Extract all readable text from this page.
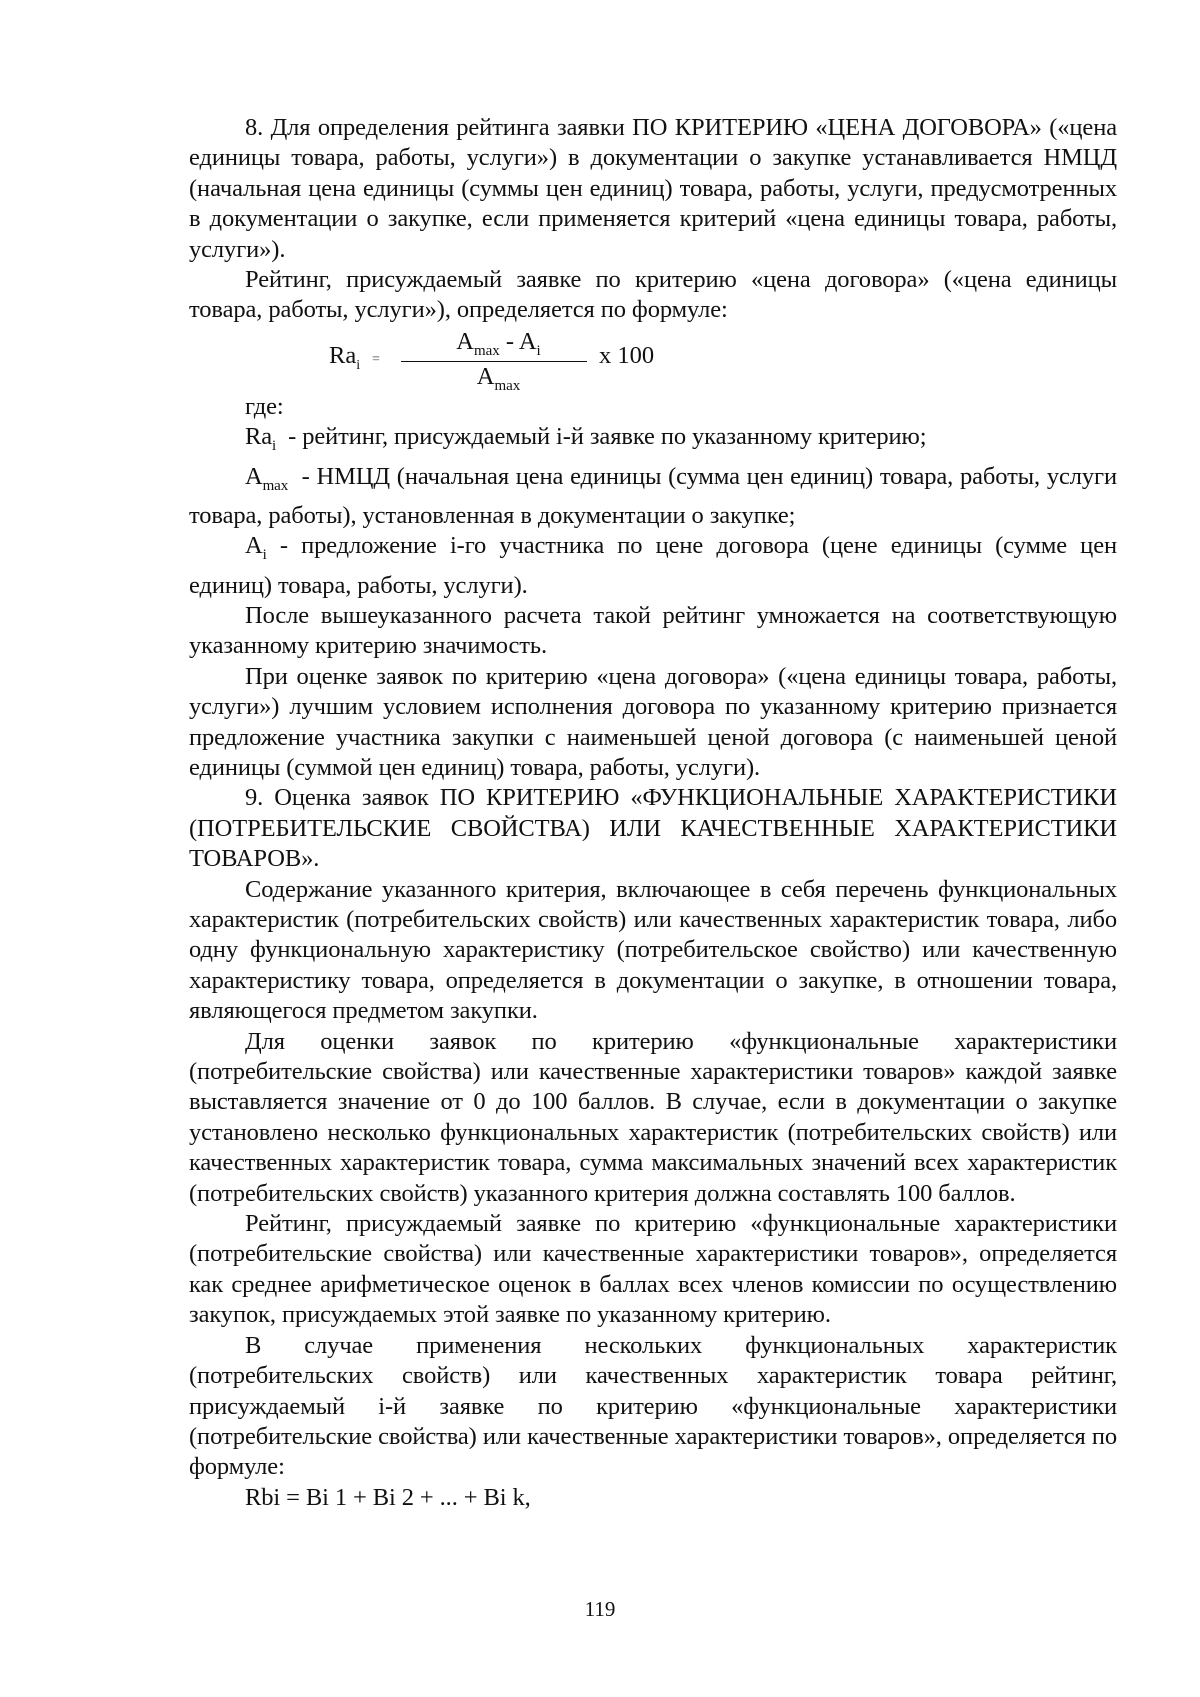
8. Для определения рейтинга заявки ПО КРИТЕРИЮ «ЦЕНА ДОГОВОРА» («цена единицы товара, работы, услуги») в документации о закупке устанавливается НМЦД (начальная цена единицы (суммы цен единиц) товара, работы, услуги, предусмотренных в документации о закупке, если применяется критерий «цена единицы товара, работы, услуги»).

Рейтинг, присуждаемый заявке по критерию «цена договора» («цена единицы товара, работы, услуги»), определяется по формуле:

$Ra_i$ =
$A_{max} - A_i$
$A_{max}$
x 100

где:

$Ra_i$ - рейтинг, присуждаемый i-й заявке по указанному критерию;

$A_{max}$ - НМЦД (начальная цена единицы (сумма цен единиц) товара, работы, услуги товара, работы), установленная в документации о закупке;

$A_i$ - предложение i-го участника по цене договора (цене единицы (сумме цен единиц) товара, работы, услуги).

После вышеуказанного расчета такой рейтинг умножается на соответствующую указанному критерию значимость.

При оценке заявок по критерию «цена договора» («цена единицы товара, работы, услуги») лучшим условием исполнения договора по указанному критерию признается предложение участника закупки с наименьшей ценой договора (с наименьшей ценой единицы (суммой цен единиц) товара, работы, услуги).

9. Оценка заявок ПО КРИТЕРИЮ «ФУНКЦИОНАЛЬНЫЕ ХАРАКТЕРИСТИКИ (ПОТРЕБИТЕЛЬСКИЕ СВОЙСТВА) ИЛИ КАЧЕСТВЕННЫЕ ХАРАКТЕРИСТИКИ ТОВАРОВ».

Содержание указанного критерия, включающее в себя перечень функциональных характеристик (потребительских свойств) или качественных характеристик товара, либо одну функциональную характеристику (потребительское свойство) или качественную характеристику товара, определяется в документации о закупке, в отношении товара, являющегося предметом закупки.

Для оценки заявок по критерию «функциональные характеристики (потребительские свойства) или качественные характеристики товаров» каждой заявке выставляется значение от 0 до 100 баллов. В случае, если в документации о закупке установлено несколько функциональных характеристик (потребительских свойств) или качественных характеристик товара, сумма максимальных значений всех характеристик (потребительских свойств) указанного критерия должна составлять 100 баллов.

Рейтинг, присуждаемый заявке по критерию «функциональные характеристики (потребительские свойства) или качественные характеристики товаров», определяется как среднее арифметическое оценок в баллах всех членов комиссии по осуществлению закупок, присуждаемых этой заявке по указанному критерию.

В случае применения нескольких функциональных характеристик (потребительских свойств) или качественных характеристик товара рейтинг, присуждаемый i-й заявке по критерию «функциональные характеристики (потребительские свойства) или качественные характеристики товаров», определяется по формуле:

Rbi = Bi 1 + Bi 2 + ... + Bi k,

119
